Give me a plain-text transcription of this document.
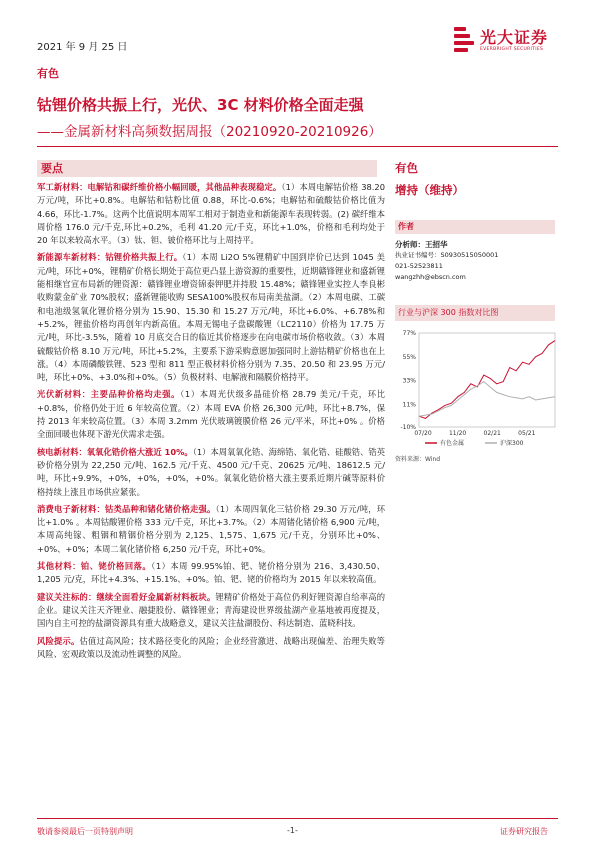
2021 年 9 月 25 日
光大证券
EVERBRIGHT SECURITIES
有色
钴锂价格共振上行，光伏、3C 材料价格全面走强
——金属新材料高频数据周报（20210920-20210926）
要点

军工新材料：电解钴和碳纤维价格小幅回暖，其他品种表现稳定。（1）本周电解钴价格 38.20 万元/吨，环比+0.8%。电解钴和钴粉比值 0.88，环比-0.6%；电解钴和硫酸钴价格比值为 4.66，环比-1.7%。这两个比值说明本周军工相对于制造业和新能源车表现转弱。(2) 碳纤维本周价格 176.0 元/千克,环比+0.2%，毛利 41.20 元/千克，环比+1.0%，价格和毛利均处于 20 年以来较高水平。（3）钛、钽、铍价格环比与上周持平。

新能源车新材料：钴锂价格共振上行。（1）本周 Li2O 5%锂精矿中国到岸价已达到 1045 美元/吨，环比+0%，锂精矿价格长期处于高位更凸显上游资源的重要性，近期赣锋锂业和盛新锂能相继官宣布局新的锂资源：赣锋锂业增资锦泰钾肥并持股 15.48%；赣锋锂业实控人李良彬收购蒙金矿业 70%股权；盛新锂能收购 SESA100%股权布局南美盐湖。（2）本周电碳、工碳和电池级氢氧化锂价格分别为 15.90、15.30 和 15.27 万元/吨，环比+6.0%、+6.78%和+5.2%，锂盐价格均再创年内新高值。本周无锡电子盘碳酸锂（LC2110）价格为 17.75 万元/吨，环比-3.5%，随着 10 月底交合日的临近其价格逐步在向电碳市场价格收敛。（3）本周硫酸钴价格 8.10 万元/吨，环比+5.2%，主要系下游采购意愿加强同时上游钴精矿价格也在上涨。（4）本周磷酸铁锂、523 型和 811 型正极材料价格分别为 7.35、20.50 和 23.95 万元/吨，环比+0%、+3.0%和+0%。（5）负极材料、电解液和隔膜价格持平。

光伏新材料：主要品种价格均走强。（1）本周光伏级多晶硅价格 28.79 美元/千克，环比+0.8%，价格仍处于近 6 年较高位置。（2）本周 EVA 价格 26,300 元/吨，环比+8.7%，保持 2013 年来较高位置。（3）本周 3.2mm 光伏玻璃镀膜价格 26 元/平米，环比+0% 。价格全面回暖也体现下游光伏需求走强。

核电新材料：氧氧化锆价格大涨近 10%。（1）本周氧氧化锆、海绵锆、氧化锆、硅酸锆、锆英砂价格分别为 22,250 元/吨、162.5 元/千克、4500 元/千克、20625 元/吨、18612.5 元/吨，环比+9.9%，+0%，+0%，+0%，+0%。氧氧化锆价格大涨主要系近期片碱等原料价格持续上涨且市场供应紧张。

消费电子新材料：钴类品种和锗化锗价格走强。（1）本周四氧化三钴价格 29.30 万元/吨，环比+1.0% 。本周钴酸锂价格 333 元/千克，环比+3.7%。（2）本周锗化锗价格 6,900 元/吨，本周高纯镓、粗铟和精铟价格分别为 2,125、1,575、1,675 元/千克，分别环比+0%、+0%、+0%；本周二氧化锗价格 6,250 元/千克，环比+0%。

其他材料：铂、铑价格回落。（1）本周 99.95%铂、钯、铑价格分别为 216、3,430.50、1,205 元/克，环比+4.3%、+15.1%、+0%。铂、钯、铑的价格均为 2015 年以来较高值。

建议关注标的：继续全面看好金属新材料板块。锂精矿价格处于高位仍利好锂资源自给率高的企业。建议关注天齐锂业、融捷股份、赣锋锂业；青海建设世界级盐湖产业基地被再度提及，国内自主可控的盐湖资源具有重大战略意义，建议关注盐湖股份、科达制造、蓝晓科技。

风险提示。估值过高风险；技术路径变化的风险；企业经营激进、战略出现偏差、治理失败等风险、宏观政策以及流动性调整的风险。

有色
增持（维持）
作者
分析师：王招华
执业证书编号：S0930515050001
021-52523811
wangzhh@ebscn.com
行业与沪深 300 指数对比图
77%
55%
33%
11%
-10%
07/20	11/20	02/21	05/21
有色金属	沪深300
资料来源：Wind
敬请参阅最后一页特别声明	-1-	证券研究报告
